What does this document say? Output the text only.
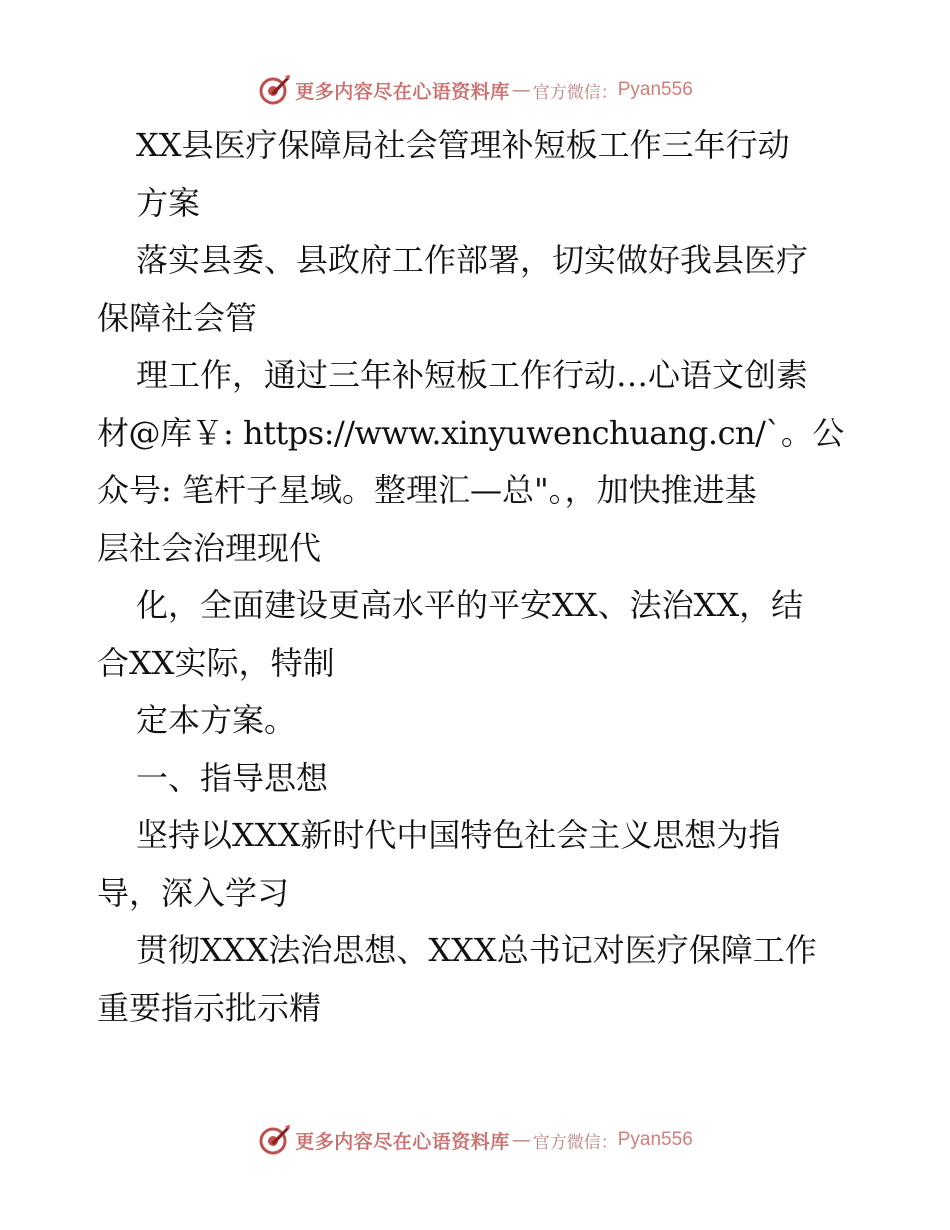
更多内容尽在心语资料库 — 官方微信： Pyan556
XX县医疗保障局社会管理补短板工作三年行动
方案
落实县委、县政府工作部署，切实做好我县医疗
保障社会管
理工作，通过三年补短板工作行动…心语文创素
材@库￥: https://www.xinyuwenchuang.cn/`。公
众号: 笔杆子星域。整理汇—总"。，加快推进基
层社会治理现代
化，全面建设更高水平的平安XX、法治XX，结
合XX实际，特制
定本方案。
一、指导思想
坚持以XXX新时代中国特色社会主义思想为指
导，深入学习
贯彻XXX法治思想、XXX总书记对医疗保障工作
重要指示批示精
更多内容尽在心语资料库 — 官方微信： Pyan556
